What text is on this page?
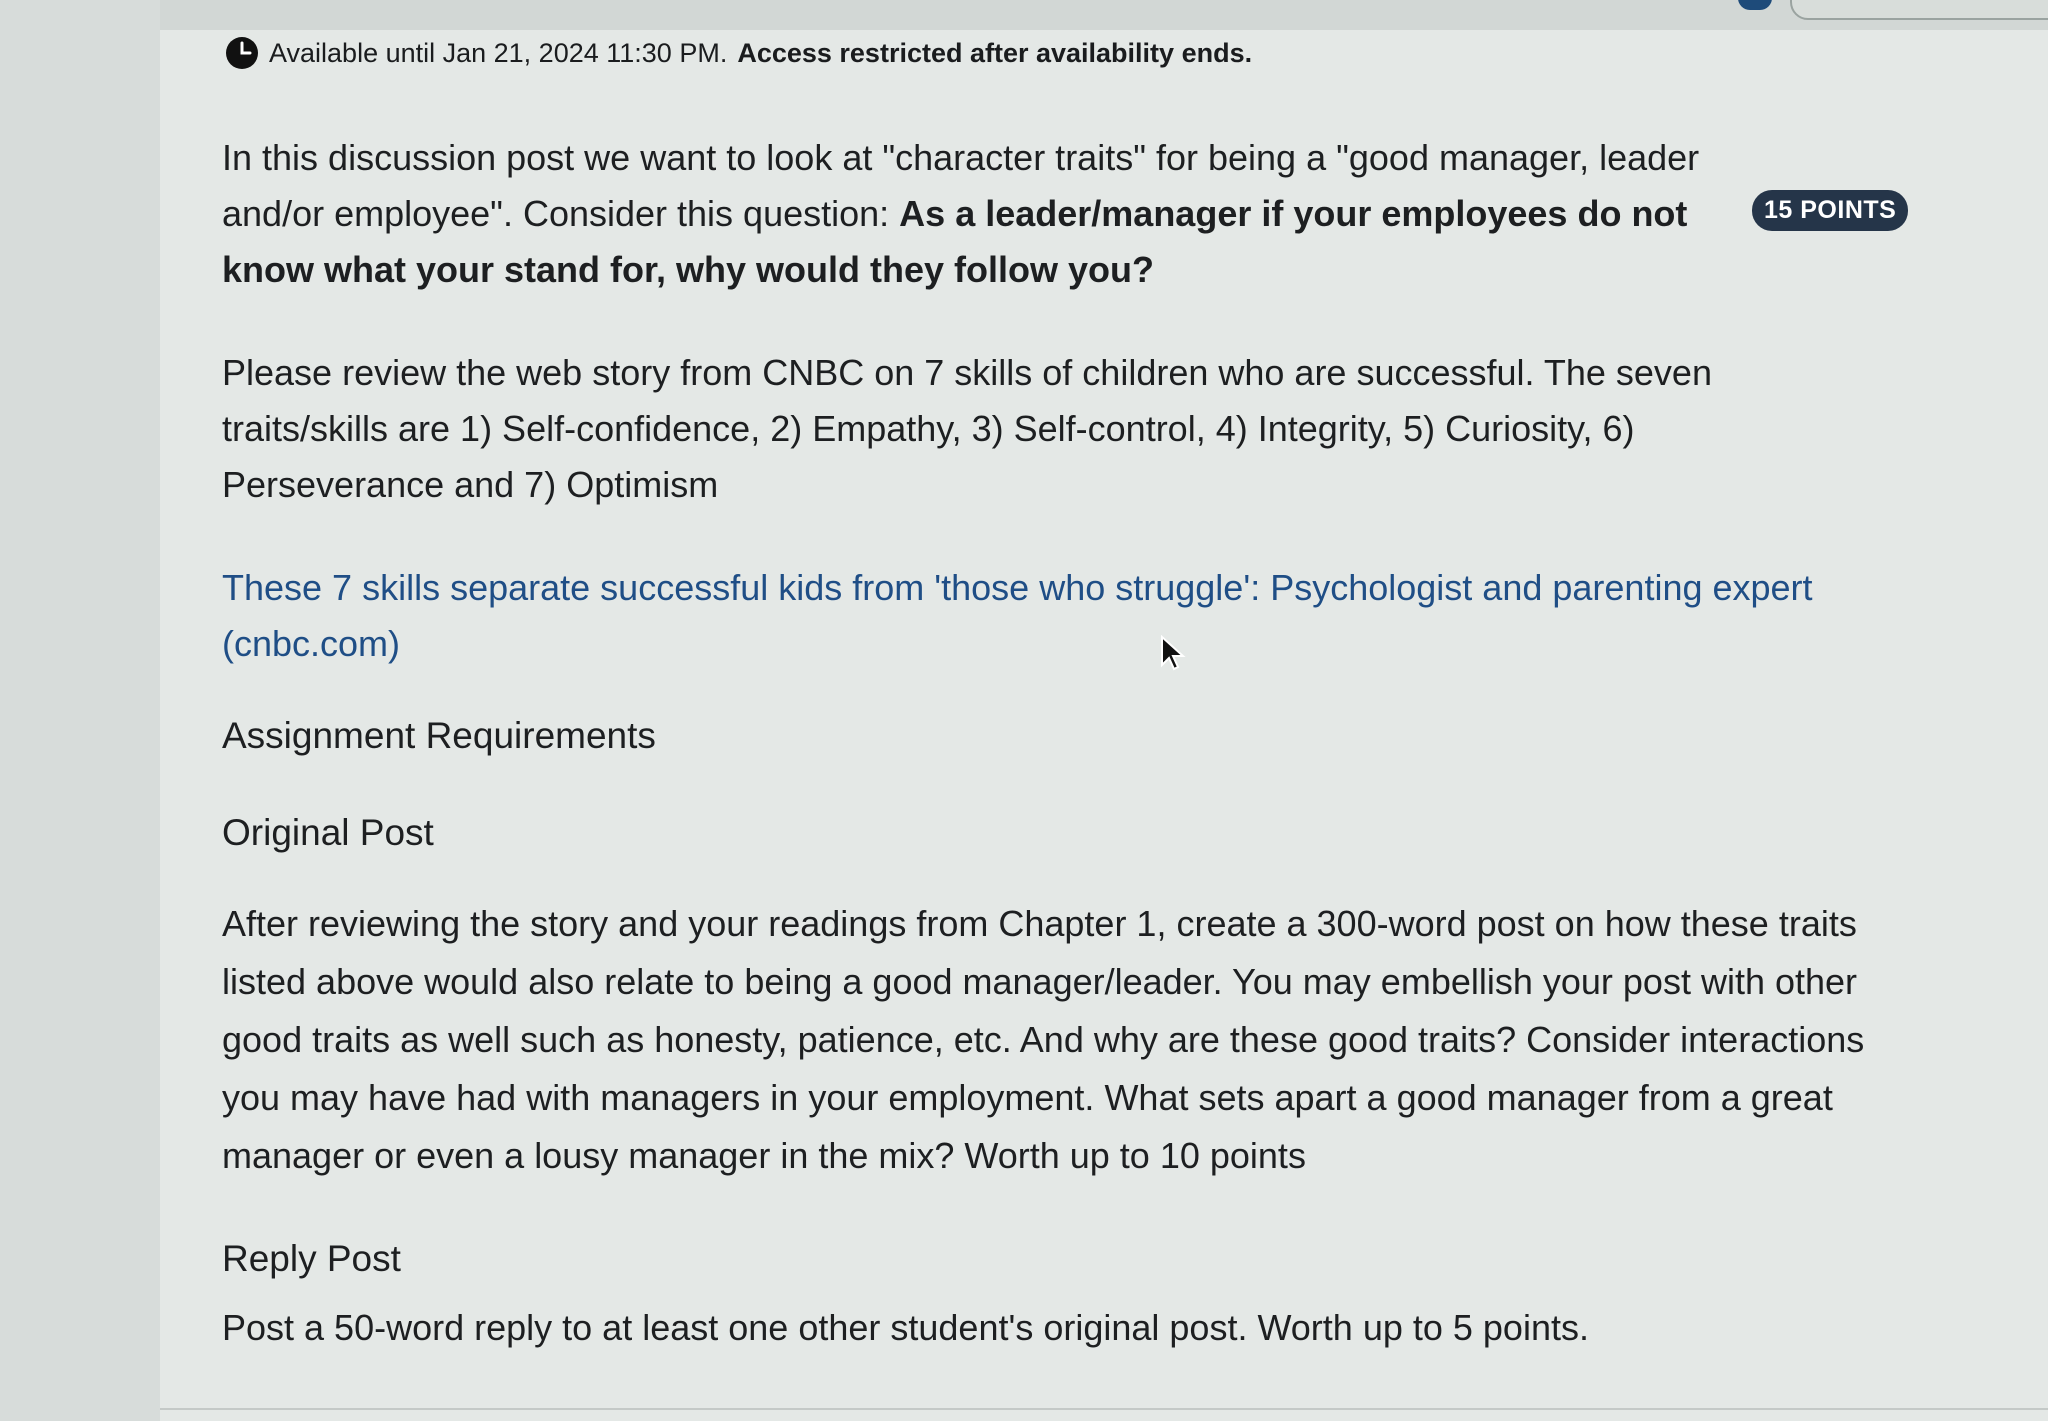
Available until Jan 21, 2024 11:30 PM. Access restricted after availability ends.
15 POINTS
In this discussion post we want to look at "character traits" for being a "good manager, leader and/or employee". Consider this question: As a leader/manager if your employees do not know what your stand for, why would they follow you?
Please review the web story from CNBC on 7 skills of children who are successful. The seven traits/skills are 1) Self-confidence, 2) Empathy, 3) Self-control, 4) Integrity, 5) Curiosity, 6) Perseverance and 7) Optimism
These 7 skills separate successful kids from 'those who struggle': Psychologist and parenting expert (cnbc.com)
Assignment Requirements
Original Post
After reviewing the story and your readings from Chapter 1, create a 300-word post on how these traits listed above would also relate to being a good manager/leader. You may embellish your post with other good traits as well such as honesty, patience, etc. And why are these good traits? Consider interactions you may have had with managers in your employment. What sets apart a good manager from a great manager or even a lousy manager in the mix? Worth up to 10 points
Reply Post
Post a 50-word reply to at least one other student's original post. Worth up to 5 points.
